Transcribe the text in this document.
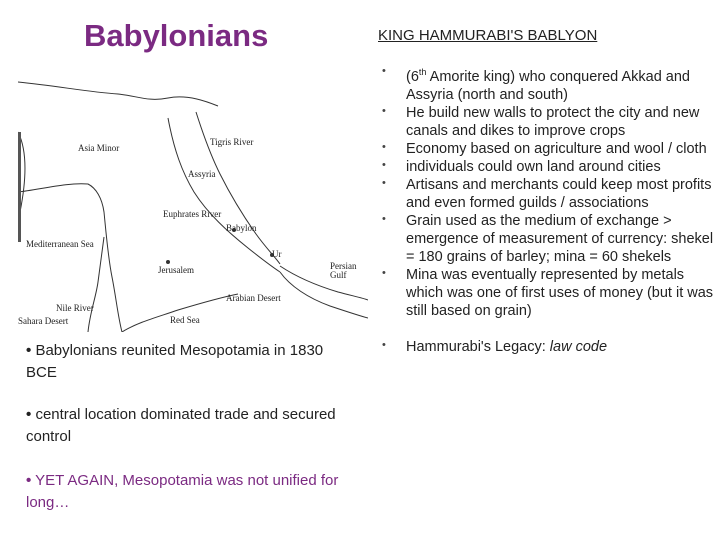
Babylonians
Asia Minor
Tigris River
Assyria
Euphrates River
Mediterranean Sea
Babylon
Jerusalem
Ur
Persian Gulf
Arabian Desert
Nile River
Sahara Desert	Red Sea
• Babylonians reunited Mesopotamia in 1830 BCE
• central location dominated trade and secured control
• YET AGAIN, Mesopotamia was not unified for long…
KING HAMMURABI'S BABLYON
• (6th Amorite king) who conquered Akkad and Assyria (north and south)
• He build new walls to protect the city and new canals and dikes to improve crops
• Economy based on agriculture and wool / cloth
• individuals could own land around cities
• Artisans and merchants could keep most profits and even formed guilds / associations
• Grain used as the medium of exchange > emergence of measurement of currency: shekel = 180 grains of barley; mina = 60 shekels
• Mina was eventually represented by metals which was one of first uses of money (but it was still based on grain)
• Hammurabi's Legacy: law code
